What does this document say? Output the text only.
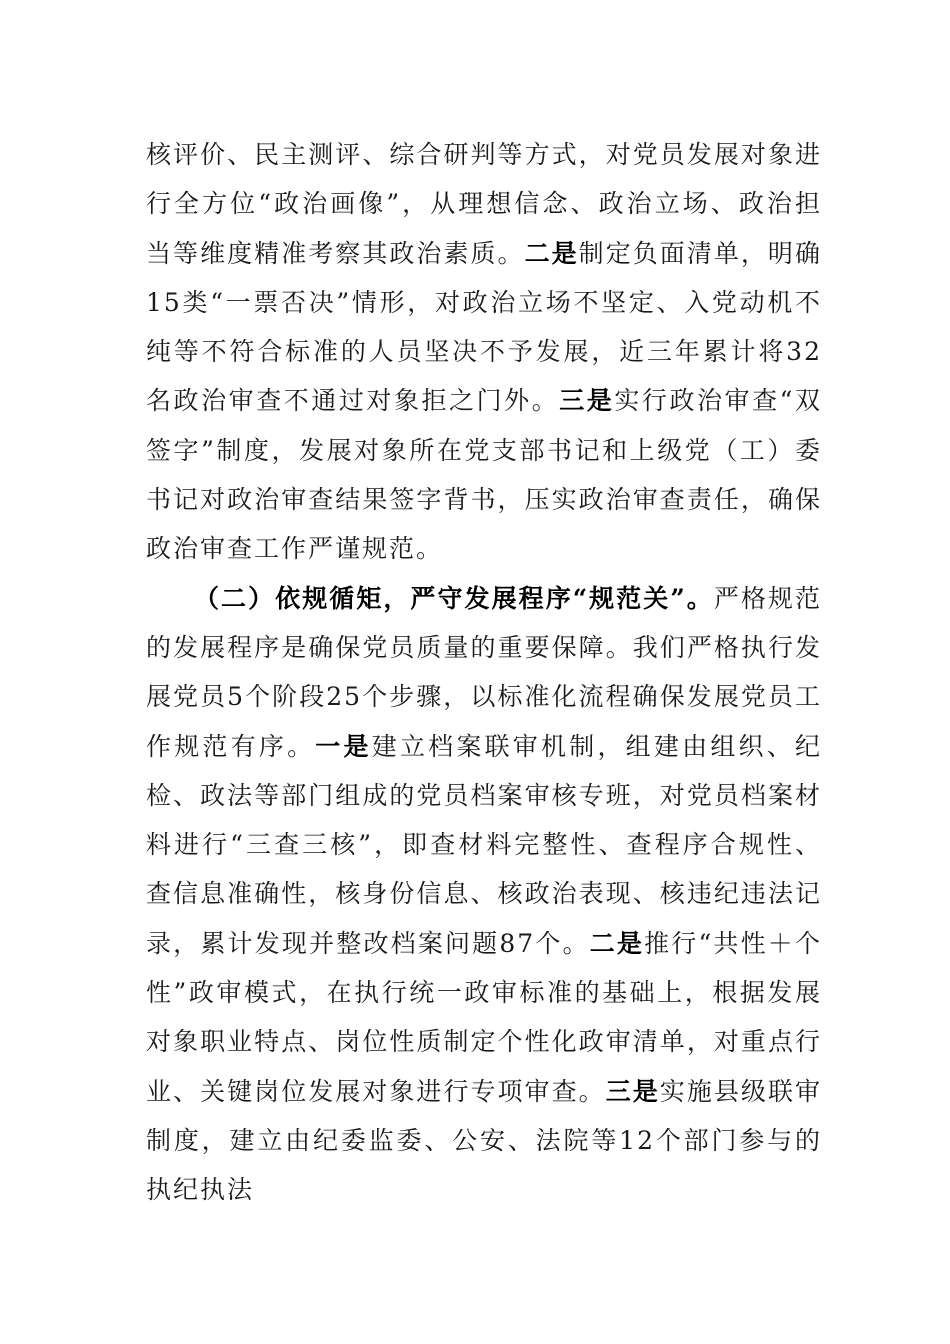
核评价、民主测评、综合研判等方式，对党员发展对象进行全方位“政治画像”，从理想信念、政治立场、政治担当等维度精准考察其政治素质。二是制定负面清单，明确15类“一票否决”情形，对政治立场不坚定、入党动机不纯等不符合标准的人员坚决不予发展，近三年累计将32名政治审查不通过对象拒之门外。三是实行政治审查“双签字”制度，发展对象所在党支部书记和上级党（工）委书记对政治审查结果签字背书，压实政治审查责任，确保政治审查工作严谨规范。

（二）依规循矩，严守发展程序“规范关”。严格规范的发展程序是确保党员质量的重要保障。我们严格执行发展党员5个阶段25个步骤，以标准化流程确保发展党员工作规范有序。一是建立档案联审机制，组建由组织、纪检、政法等部门组成的党员档案审核专班，对党员档案材料进行“三查三核”，即查材料完整性、查程序合规性、查信息准确性，核身份信息、核政治表现、核违纪违法记录，累计发现并整改档案问题87个。二是推行“共性＋个性”政审模式，在执行统一政审标准的基础上，根据发展对象职业特点、岗位性质制定个性化政审清单，对重点行业、关键岗位发展对象进行专项审查。三是实施县级联审制度，建立由纪委监委、公安、法院等12个部门参与的执纪执法
